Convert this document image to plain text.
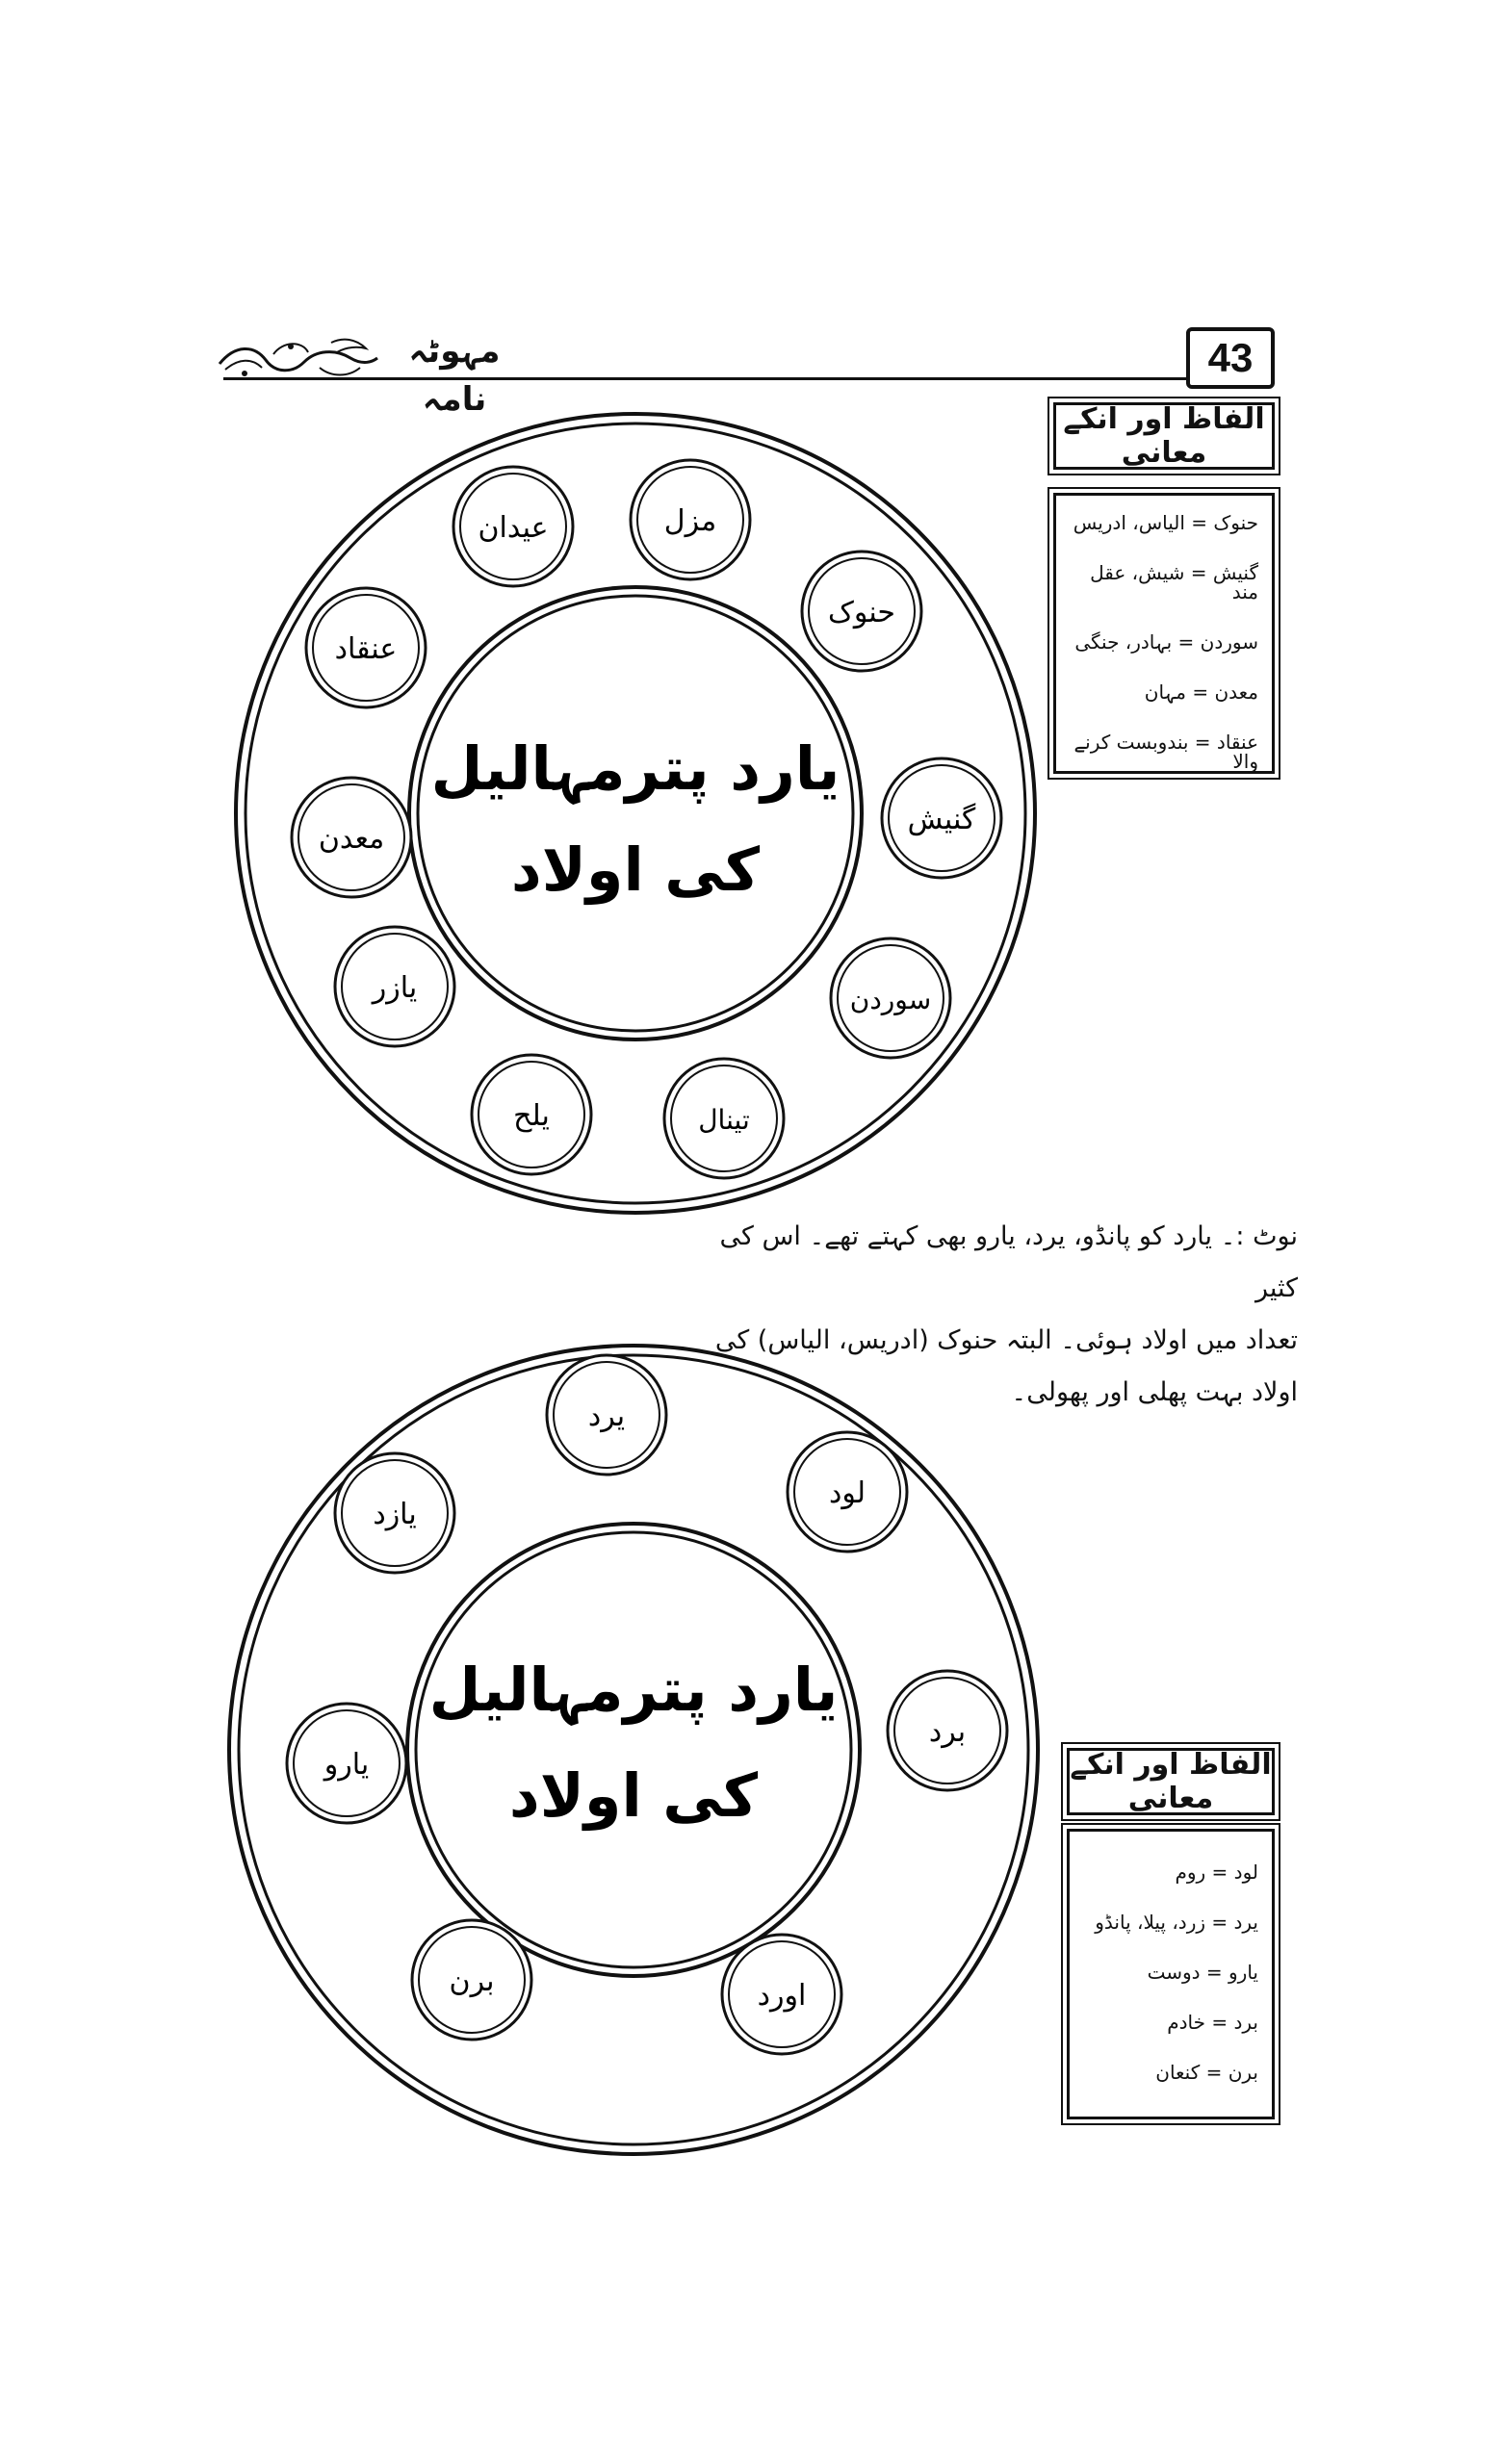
43
مہوٹہ نامہ
یارد پترمہالیل
کی اولاد
مزل
حنوک
گنیش
سوردن
تینال
یلح
یازر
معدن
عنقاد
عیدان
الفاظ اور انکے معانی
حنوک = الیاس، ادریس
گنیش = شیش، عقل مند
سوردن = بہادر، جنگی
معدن = مہان
عنقاد = بندوبست کرنے والا
نوٹ :۔ یارد کو پانڈو، یرد، یارو بھی کہتے تھے۔ اس کی کثیر
تعداد میں اولاد ہوئی۔ البتہ حنوک (ادریس، الیاس) کی
اولاد بہت پھلی اور پھولی۔
یارد پترمہالیل
کی اولاد
یرد
لود
برد
اورد
برن
یارو
یازد
الفاظ اور انکے معانی
لود = روم
یرد = زرد، پیلا، پانڈو
یارو = دوست
برد = خادم
برن = کنعان
